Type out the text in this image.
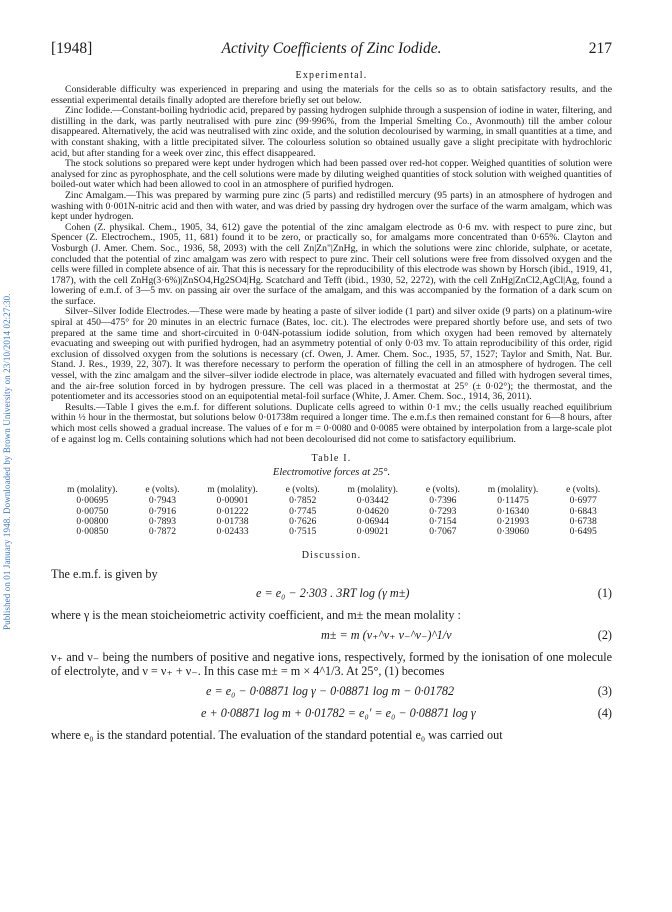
Published on 01 January 1948. Downloaded by Brown University on 23/10/2014 02:27:30.
[1948]	Activity Coefficients of Zinc Iodide.	217
Experimental.

Considerable difficulty was experienced in preparing and using the materials for the cells so as to obtain satisfactory results, and the essential experimental details finally adopted are therefore briefly set out below.

Zinc Iodide.—Constant-boiling hydriodic acid, prepared by passing hydrogen sulphide through a suspension of iodine in water, filtering, and distilling in the dark, was partly neutralised with pure zinc (99·996%, from the Imperial Smelting Co., Avonmouth) till the amber colour disappeared. Alternatively, the acid was neutralised with zinc oxide, and the solution decolourised by warming, in small quantities at a time, and with constant shaking, with a little precipitated silver. The colourless solution so obtained usually gave a slight precipitate with hydrochloric acid, but after standing for a week over zinc, this effect disappeared.

The stock solutions so prepared were kept under hydrogen which had been passed over red-hot copper. Weighed quantities of solution were analysed for zinc as pyrophosphate, and the cell solutions were made by diluting weighed quantities of stock solution with weighed quantities of boiled-out water which had been allowed to cool in an atmosphere of purified hydrogen.

Zinc Amalgam.—This was prepared by warming pure zinc (5 parts) and redistilled mercury (95 parts) in an atmosphere of hydrogen and washing with 0·001N-nitric acid and then with water, and was dried by passing dry hydrogen over the surface of the warm amalgam, which was kept under hydrogen.

Cohen (Z. physikal. Chem., 1905, 34, 612) gave the potential of the zinc amalgam electrode as 0·6 mv. with respect to pure zinc, but Spencer (Z. Electrochem., 1905, 11, 681) found it to be zero, or practically so, for amalgams more concentrated than 0·65%. Clayton and Vosburgh (J. Amer. Chem. Soc., 1936, 58, 2093) with the cell Zn|Zn"|ZnHg, in which the solutions were zinc chloride, sulphate, or acetate, concluded that the potential of zinc amalgam was zero with respect to pure zinc. Their cell solutions were free from dissolved oxygen and the cells were filled in complete absence of air. That this is necessary for the reproducibility of this electrode was shown by Horsch (ibid., 1919, 41, 1787), with the cell ZnHg(3·6%)|ZnSO4,Hg2SO4|Hg. Scatchard and Tefft (ibid., 1930, 52, 2272), with the cell ZnHg|ZnCl2,AgCl|Ag, found a lowering of e.m.f. of 3—5 mv. on passing air over the surface of the amalgam, and this was accompanied by the formation of a dark scum on the surface.

Silver–Silver Iodide Electrodes.—These were made by heating a paste of silver iodide (1 part) and silver oxide (9 parts) on a platinum-wire spiral at 450—475° for 20 minutes in an electric furnace (Bates, loc. cit.). The electrodes were prepared shortly before use, and sets of two prepared at the same time and short-circuited in 0·04N-potassium iodide solution, from which oxygen had been removed by alternately evacuating and sweeping out with purified hydrogen, had an asymmetry potential of only 0·03 mv. To attain reproducibility of this order, rigid exclusion of dissolved oxygen from the solutions is necessary (cf. Owen, J. Amer. Chem. Soc., 1935, 57, 1527; Taylor and Smith, Nat. Bur. Stand. J. Res., 1939, 22, 307). It was therefore necessary to perform the operation of filling the cell in an atmosphere of hydrogen. The cell vessel, with the zinc amalgam and the silver–silver iodide electrode in place, was alternately evacuated and filled with hydrogen several times, and the air-free solution forced in by hydrogen pressure. The cell was placed in a thermostat at 25° (± 0·02°); the thermostat, and the potentiometer and its accessories stood on an equipotential metal-foil surface (White, J. Amer. Chem. Soc., 1914, 36, 2011).

Results.—Table I gives the e.m.f. for different solutions. Duplicate cells agreed to within 0·1 mv.; the cells usually reached equilibrium within ½ hour in the thermostat, but solutions below 0·01738m required a longer time. The e.m.f.s then remained constant for 6—8 hours, after which most cells showed a gradual increase. The values of e for m = 0·0080 and 0·0085 were obtained by interpolation from a large-scale plot of e against log m. Cells containing solutions which had not been decolourised did not come to satisfactory equilibrium.

Table I.
Electromotive forces at 25°.
m (molality).	e (volts).	m (molality).	e (volts).	m (molality).	e (volts).	m (molality).	e (volts).
0·00695	0·7943	0·00901	0·7852	0·03442	0·7396	0·11475	0·6977
0·00750	0·7916	0·01222	0·7745	0·04620	0·7293	0·16340	0·6843
0·00800	0·7893	0·01738	0·7626	0·06944	0·7154	0·21993	0·6738
0·00850	0·7872	0·02433	0·7515	0·09021	0·7067	0·39060	0·6495
Discussion.

The e.m.f. is given by

e = e₀ − 2·303 . 3RT log (γ m±)	(1)

where γ is the mean stoicheiometric activity coefficient, and m± the mean molality :

m± = m (ν₊^ν₊ ν₋^ν₋)^1/ν	(2)

ν₊ and ν₋ being the numbers of positive and negative ions, respectively, formed by the ionisation of one molecule of electrolyte, and ν = ν₊ + ν₋. In this case m± = m × 4^1/3. At 25°, (1) becomes

e = e₀ − 0·08871 log γ − 0·08871 log m − 0·01782	(3)
e + 0·08871 log m + 0·01782 = e₀′ = e₀ − 0·08871 log γ	(4)

where e₀ is the standard potential. The evaluation of the standard potential e₀ was carried out
